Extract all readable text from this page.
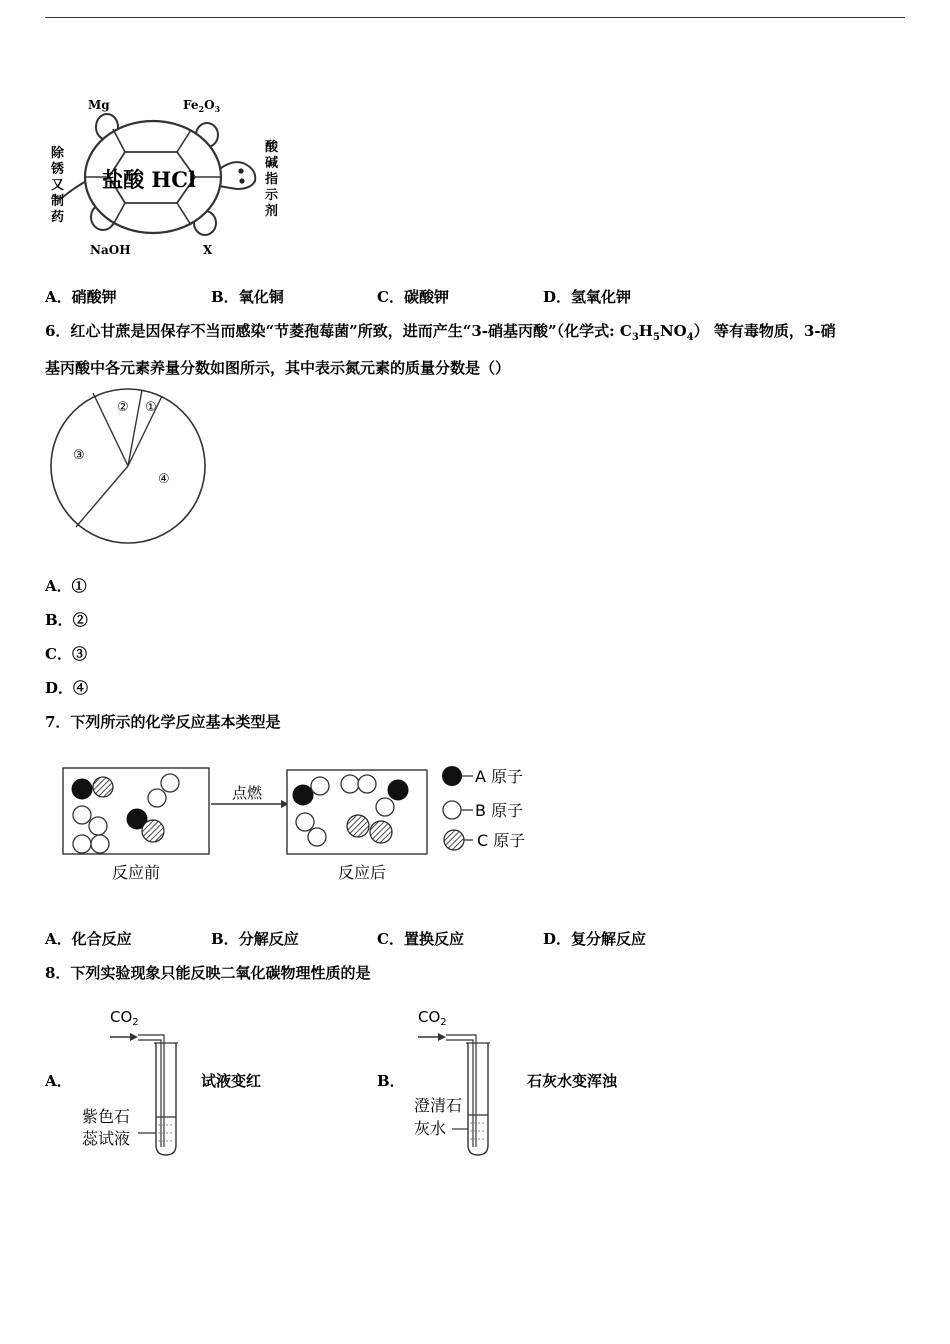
盐酸 HCl
Mg	$Fe_2O_3$
NaOH	X
除 锈 又 制 药
酸 碱 指 示 剂
A．硝酸钾	B．氧化铜	C．碳酸钾	D．氢氧化钾
6．红心甘蔗是因保存不当而感染“节菱孢莓菌”所致，进而产生“3-硝基丙酸”（化学式: $C_3H_5NO_4$） 等有毒物质，3-硝
基丙酸中各元素养量分数如图所示，其中表示氮元素的质量分数是（）
② ①
③
④
A．①
B．②
C．③
D．④
7．下列所示的化学反应基本类型是
点燃
反应前	反应后
A 原子
B 原子
C 原子
A．化合反应	B．分解反应	C．置换反应	D．复分解反应
8．下列实验现象只能反映二氧化碳物理性质的是
A．
$CO_2$
紫色石
蕊试液
试液变红	B．
$CO_2$
澄清石
灰水
石灰水变浑浊
